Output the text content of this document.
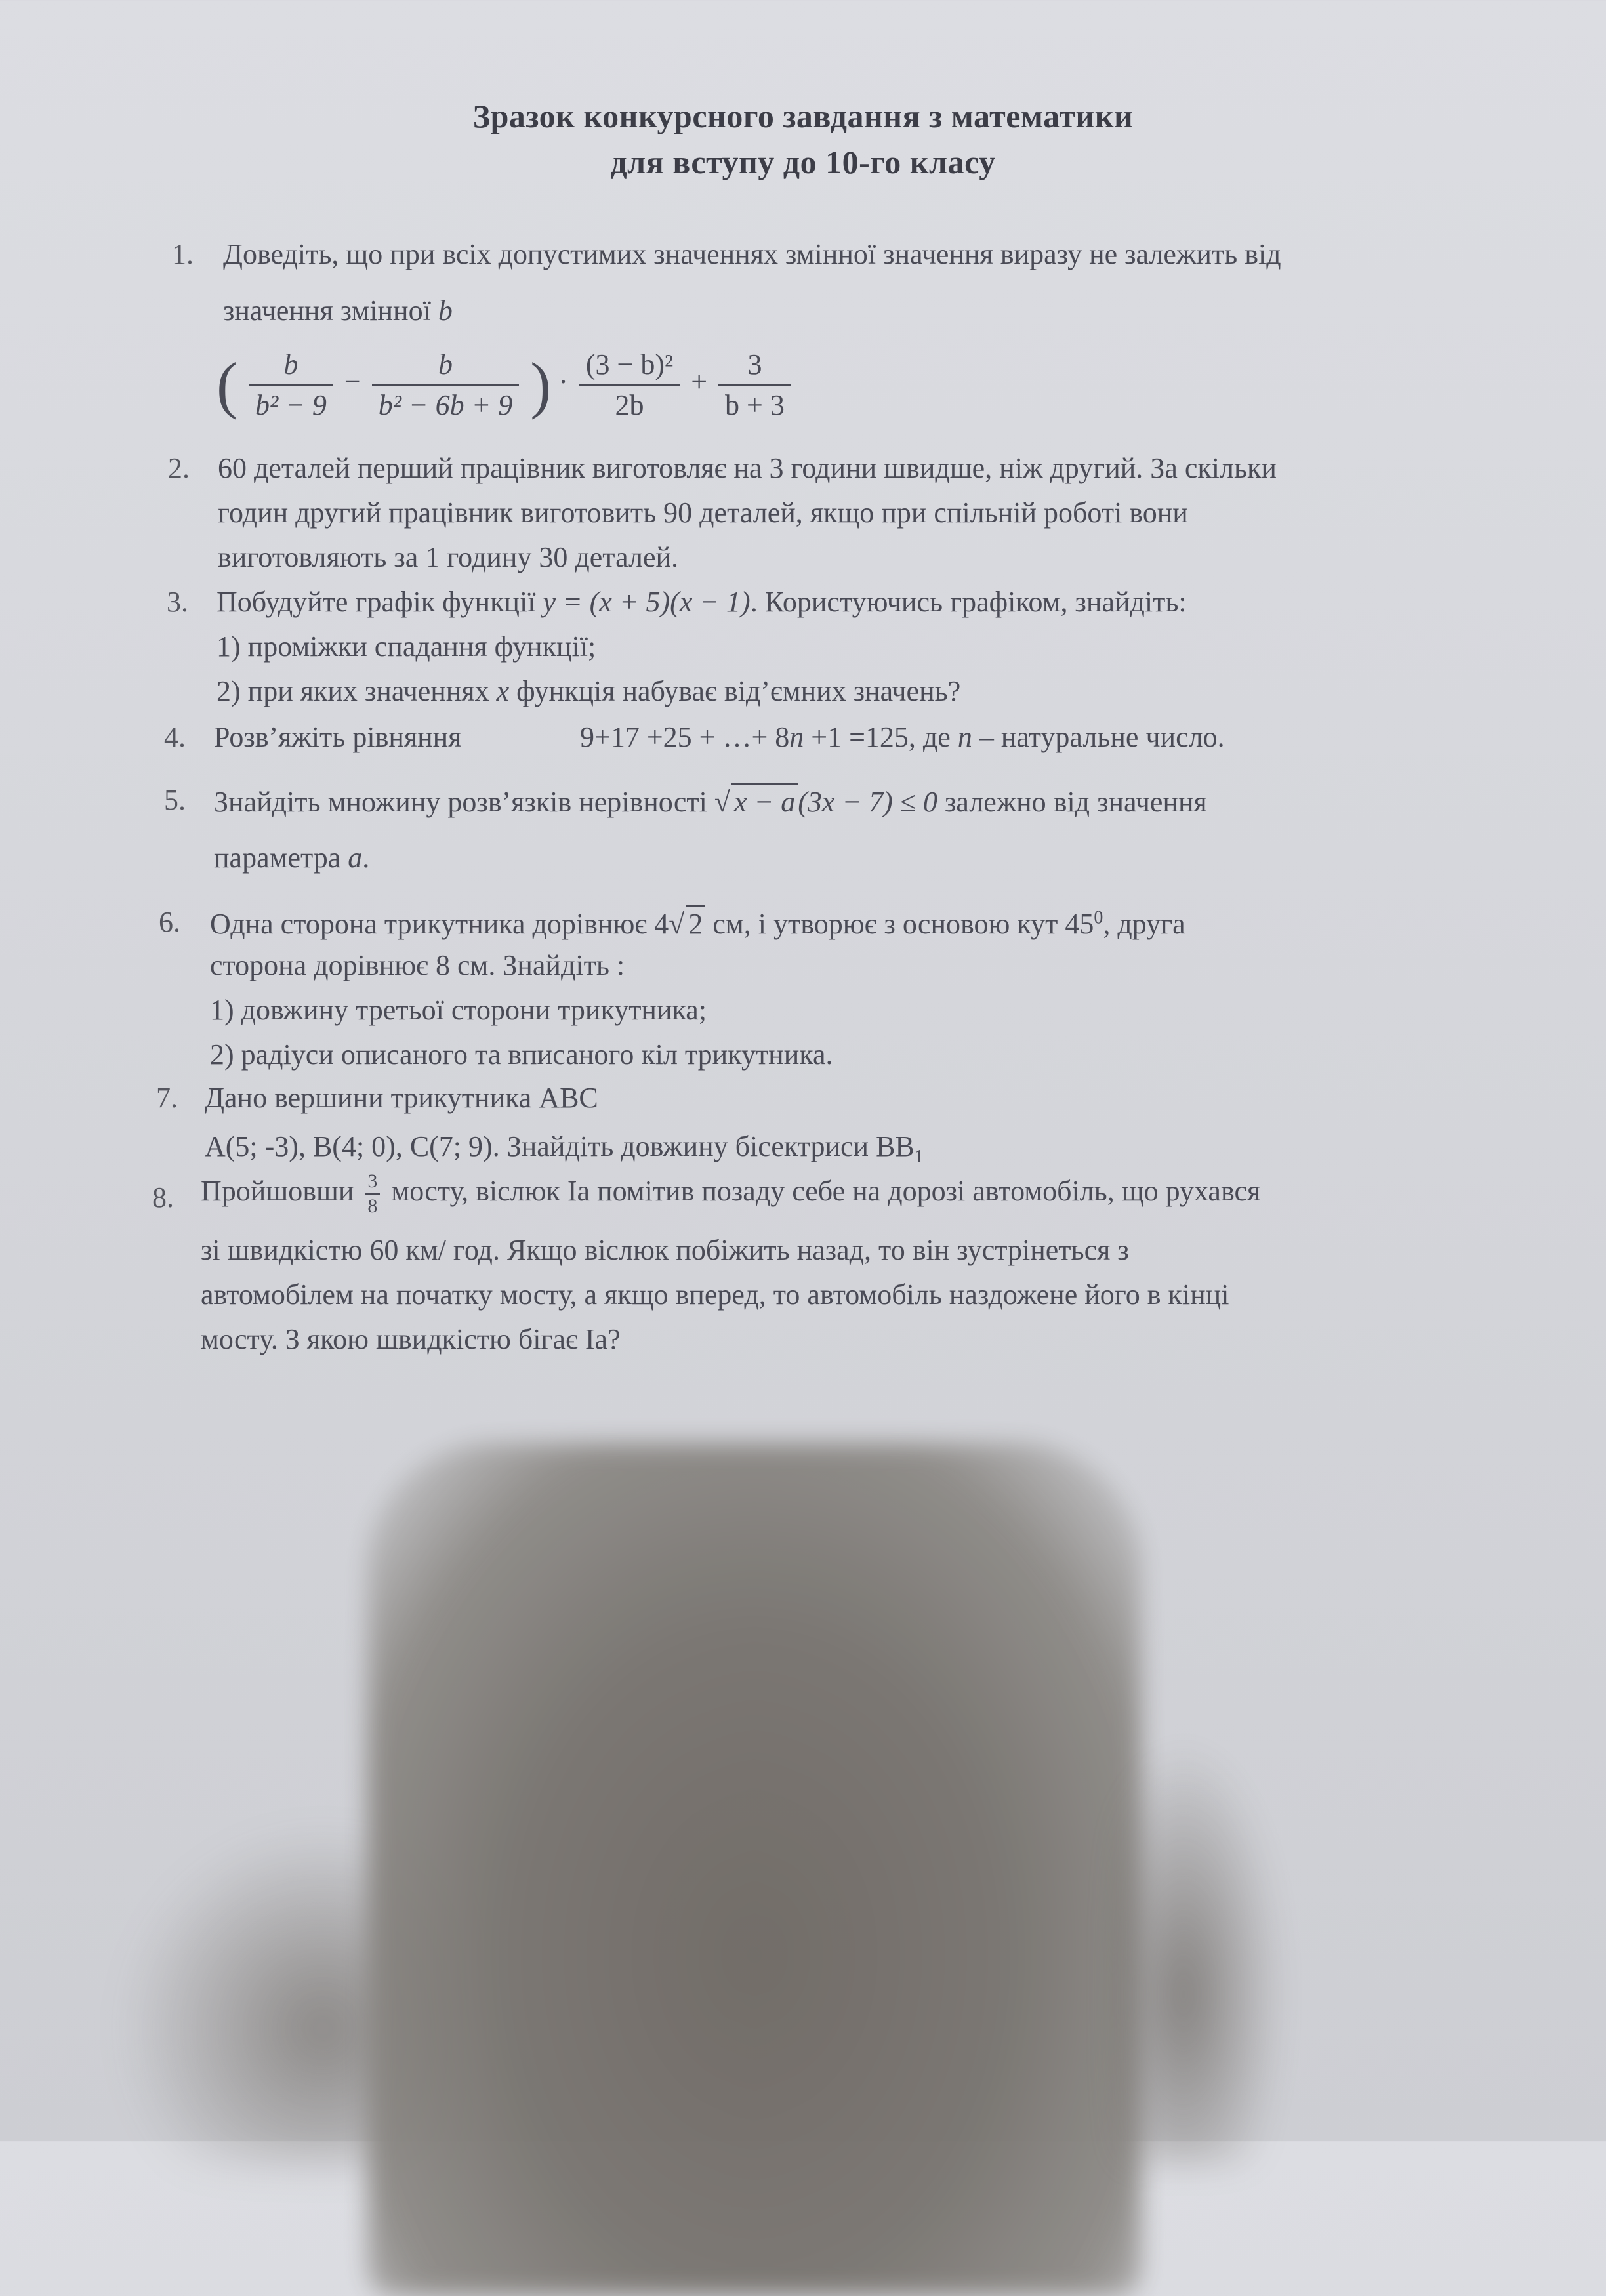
Зразок конкурсного завдання з математики
для вступу до 10-го класу
1. Доведіть, що при всіх допустимих значеннях змінної значення виразу не залежить від
значення змінної b
( $\frac{b}{\text{b² − 9}} - \frac{b}{\text{b² − 6b + 9}}$ ) · $\frac{\text{(3 − b)²}}{2b} + \frac{3}{b + 3}$
2. 60 деталей перший працівник виготовляє на 3 години швидше, ніж другий. За скільки
годин другий працівник виготовить 90 деталей, якщо при спільній роботі вони
виготовляють за 1 годину 30 деталей.
3. Побудуйте графік функції y = (x + 5)(x − 1). Користуючись графіком, знайдіть:
1) проміжки спадання функції;
2) при яких значеннях x функція набуває від’ємних значень?
4. Розв’яжіть рівняння	9+17 +25 + …+ 8n +1 =125, де n – натуральне число.
5. Знайдіть множину розв’язків нерівності √ x − a(3x − 7) ≤ 0 залежно від значення
параметра a.
6. Одна сторона трикутника дорівнює 4√ 2 см, і утворює з основою кут $45^0$, друга
сторона дорівнює 8 см. Знайдіть :
1) довжину третьої сторони трикутника;
2) радіуси описаного та вписаного кіл трикутника.
7. Дано вершини трикутника АВС
A(5; -3), B(4; 0), C(7; 9). Знайдіть довжину бісектриси $BB_1$
8. Пройшовши $\frac{3}{8}$ мосту, віслюк Іа помітив позаду себе на дорозі автомобіль, що рухався
зі швидкістю 60 км/ год. Якщо віслюк побіжить назад, то він зустрінеться з
автомобілем на початку мосту, а якщо вперед, то автомобіль наздожене його в кінці
мосту. З якою швидкістю бігає Іа?
